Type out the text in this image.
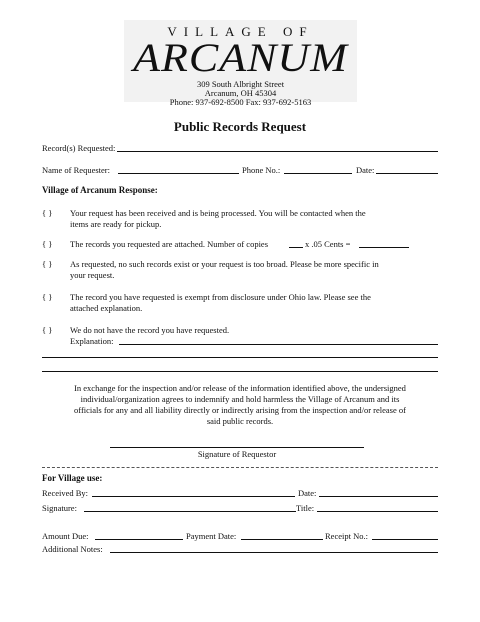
VILLAGE OF
ARCANUM
309 South Albright Street
Arcanum, OH 45304
Phone: 937-692-8500 Fax: 937-692-5163
Public Records Request
Record(s) Requested:
Name of Requester:	Phone No.:	Date:
Village of Arcanum Response:
{ } Your request has been received and is being processed. You will be contacted when the
items are ready for pickup.
{ } The records you requested are attached. Number of copies	x .05 Cents =
{ } As requested, no such records exist or your request is too broad. Please be more specific in
your request.
{ } The record you have requested is exempt from disclosure under Ohio law. Please see the
attached explanation.
{ } We do not have the record you have requested.
Explanation:
In exchange for the inspection and/or release of the information identified above, the undersigned
individual/organization agrees to indemnify and hold harmless the Village of Arcanum and its
officials for any and all liability directly or indirectly arising from the inspection and/or release of
said public records.
Signature of Requestor
For Village use:
Received By:	Date:
Signature:	Title:
Amount Due:	Payment Date:	Receipt No.:
Additional Notes:
